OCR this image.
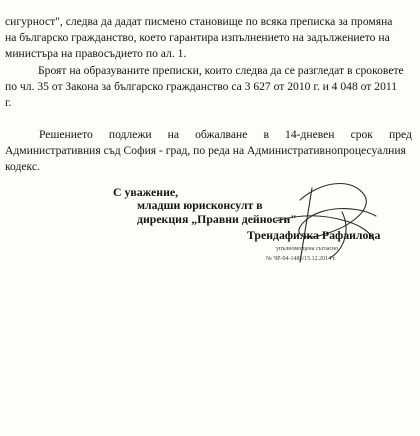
сигурност", следва да дадат писмено становище по всяка преписка за промяна
на българско гражданство, което гарантира изпълнението на задължението на
министъра на правосъдието по ал. 1.
Броят на образуваните преписки, които следва да се разгледат в сроковете
по чл. 35 от Закона за българско гражданство са 3 627 от 2010 г. и 4 048 от 2011
г.
Решението подлежи на обжалване в 14-дневен срок пред
Административния съд София - град, по реда на Административнопроцесуалния
кодекс.
С уважение,
младши юрисконсулт в
дирекция „Правни дейности"
Трендафилка Рафаилова
упълномощена съгласно
№ ЧР-04-1485/15.12.2014 г.
